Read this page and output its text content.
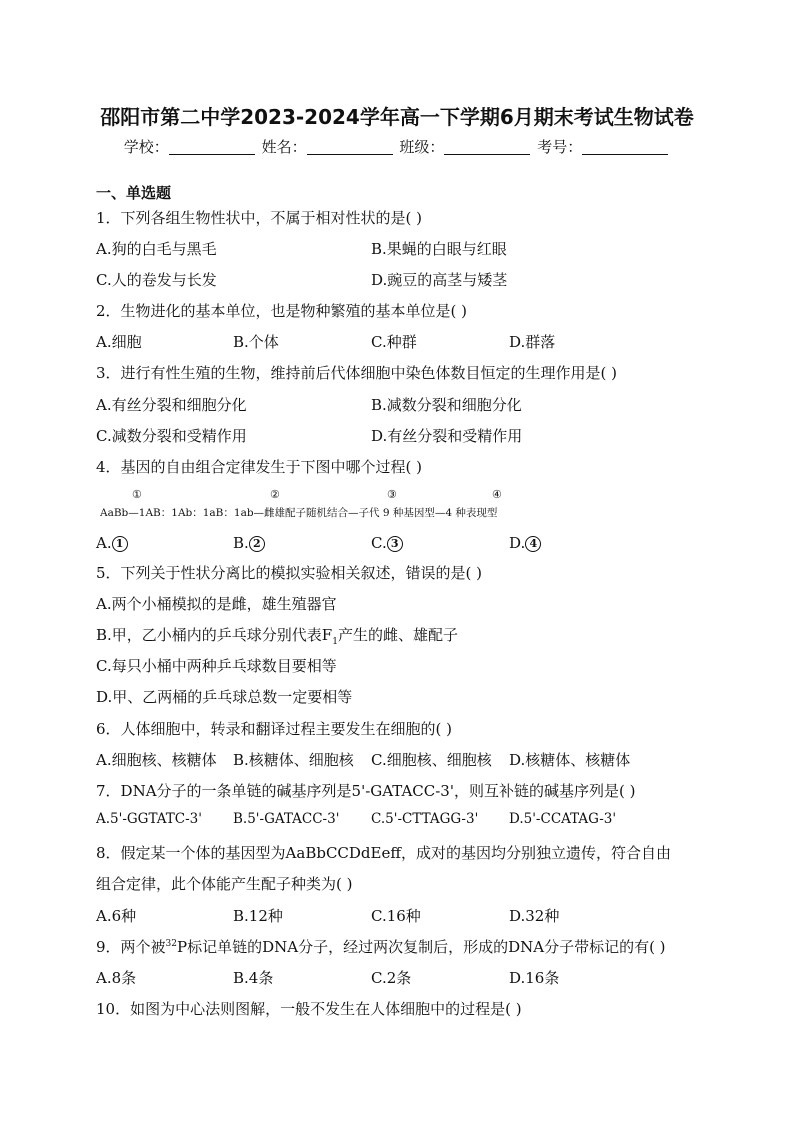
邵阳市第二中学2023-2024学年高一下学期6月期末考试生物试卷
学校：	姓名：	班级：	考号：
一、单选题
1．下列各组生物性状中，不属于相对性状的是( )
A.狗的白毛与黑毛	B.果蝇的白眼与红眼
C.人的卷发与长发	D.豌豆的高茎与矮茎
2．生物进化的基本单位，也是物种繁殖的基本单位是( )
A.细胞	B.个体	C.种群	D.群落
3．进行有性生殖的生物，维持前后代体细胞中染色体数目恒定的生理作用是( )
A.有丝分裂和细胞分化	B.减数分裂和细胞分化
C.减数分裂和受精作用	D.有丝分裂和受精作用
4．基因的自由组合定律发生于下图中哪个过程( )
①	②	③	④
AaBb—1AB：1Ab：1aB：1ab—雌雄配子随机结合—子代 9 种基因型—4 种表现型
A. 1	B. 2	C. 3	D. 4
5．下列关于性状分离比的模拟实验相关叙述，错误的是( )
A.两个小桶模拟的是雌，雄生殖器官
B.甲，乙小桶内的乒乓球分别代表$F_1$产生的雌、雄配子
C.每只小桶中两种乒乓球数目要相等
D.甲、乙两桶的乒乓球总数一定要相等
6．人体细胞中，转录和翻译过程主要发生在细胞的( )
A.细胞核、核糖体 B.核糖体、细胞核 C.细胞核、细胞核 D.核糖体、核糖体
7．DNA分子的一条单链的碱基序列是5'-GATACC-3'，则互补链的碱基序列是( )
A.5'-GGTATC-3' B.5'-GATACC-3' C.5'-CTTAGG-3' D.5'-CCATAG-3'
8．假定某一个体的基因型为AaBbCCDdEeff，成对的基因均分别独立遗传，符合自由
组合定律，此个体能产生配子种类为( )
A.6种	B.12种	C.16种	D.32种
9．两个被$^{32}$P标记单链的DNA分子，经过两次复制后，形成的DNA分子带标记的有( )
A.8条	B.4条	C.2条	D.16条
10．如图为中心法则图解，一般不发生在人体细胞中的过程是( )
